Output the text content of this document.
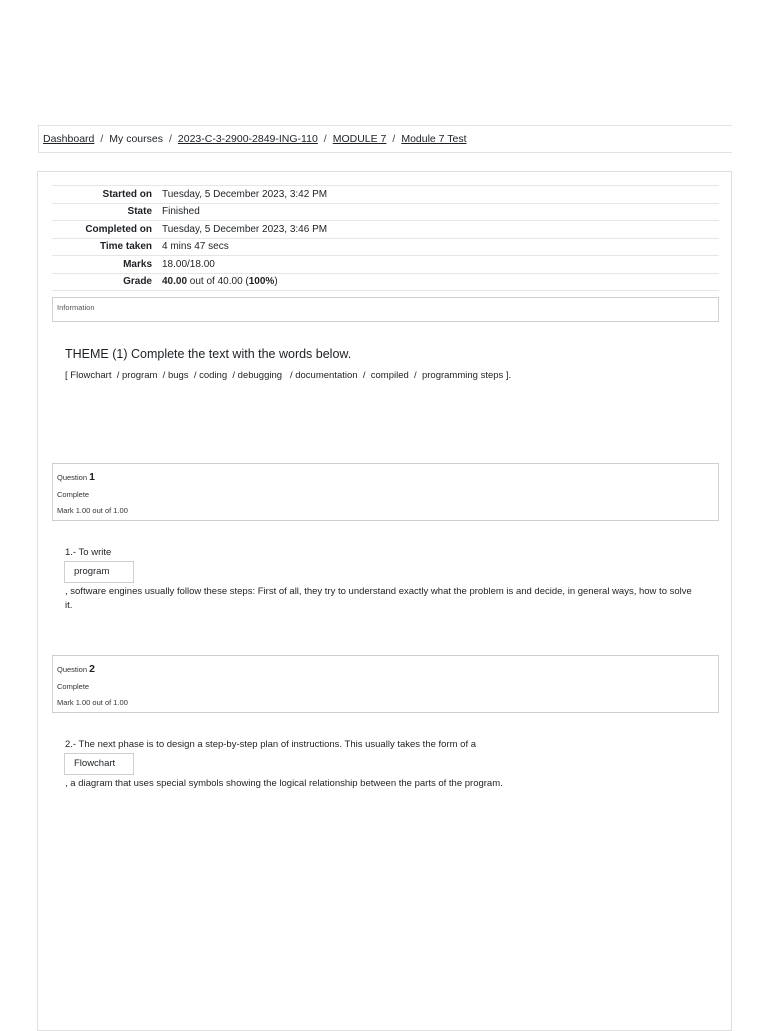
Dashboard / My courses / 2023-C-3-2900-2849-ING-110 / MODULE 7 / Module 7 Test
Started on	Tuesday, 5 December 2023, 3:42 PM
State	Finished
Completed on	Tuesday, 5 December 2023, 3:46 PM
Time taken	4 mins 47 secs
Marks	18.00/18.00
Grade	40.00 out of 40.00 (100%)
Information
THEME (1) Complete the text with the words below.
[ Flowchart  / program  / bugs  / coding  / debugging   / documentation  /  compiled  /  programming steps ].
Question 1
Complete
Mark 1.00 out of 1.00
1.- To write
program
, software engines usually follow these steps: First of all, they try to understand exactly what the problem is and decide, in general ways, how to solve it.
Question 2
Complete
Mark 1.00 out of 1.00
2.- The next phase is to design a step-by-step plan of instructions. This usually takes the form of a
Flowchart
, a diagram that uses special symbols showing the logical relationship between the parts of the program.
